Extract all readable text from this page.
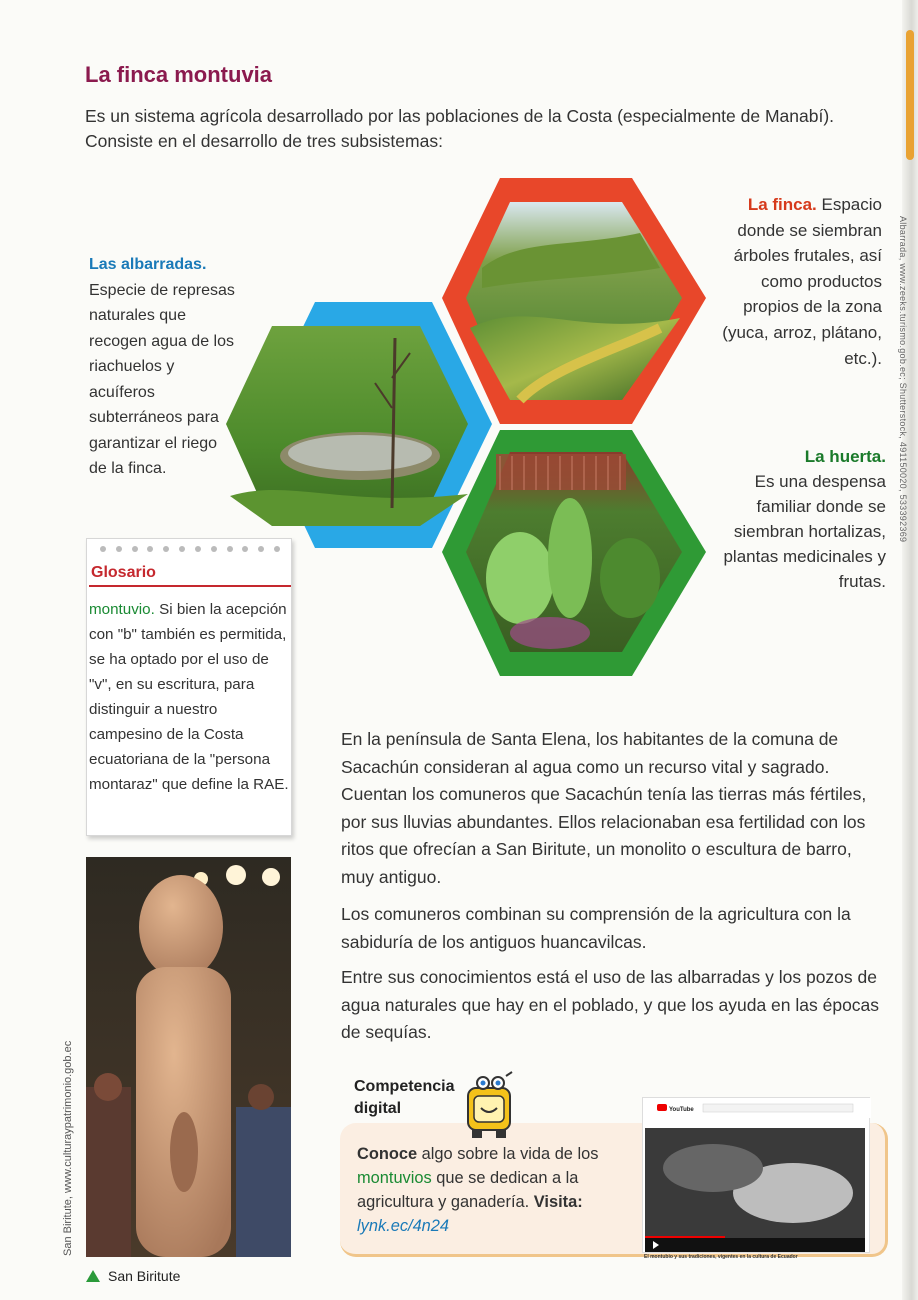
La finca montuvia

Es un sistema agrícola desarrollado por las poblaciones de la Costa (especialmente de Manabí). Consiste en el desarrollo de tres subsistemas:

Las albarradas.
Especie de represas naturales que recogen agua de los riachuelos y acuíferos subterráneos para garantizar el riego de la finca.
La finca. Espacio donde se siembran árboles frutales, así como productos propios de la zona (yuca, arroz, plátano, etc.).
La huerta.
Es una despensa familiar donde se siembran hortalizas, plantas medicinales y frutas.
Glosario
montuvio. Si bien la acepción con "b" también es permitida, se ha optado por el uso de "v", en su escritura, para distinguir a nuestro campesino de la Costa ecuatoriana de la "persona montaraz" que define la RAE.
San Biritute, www.culturaypatrimonio.gob.ec
Albarrada, www.zeeks.turismo.gob.ec; Shutterstock, 491150020, 533392369
San Biritute

En la península de Santa Elena, los habitantes de la comuna de Sacachún consideran al agua como un recurso vital y sagrado. Cuentan los comuneros que Sacachún tenía las tierras más fértiles, por sus lluvias abundantes. Ellos relacionaban esa fertilidad con los ritos que ofrecían a San Biritute, un monolito o escultura de barro, muy antiguo.

Los comuneros combinan su comprensión de la agricultura con la sabiduría de los antiguos huancavilcas.

Entre sus conocimientos está el uso de las albarradas y los pozos de agua naturales que hay en el poblado, y que los ayuda en las épocas de sequías.

Competencia
digital
Conoce algo sobre la vida de los montuvios que se dedican a la agricultura y ganadería. Visita:
lynk.ec/4n24
YouTube
El montubio y sus tradiciones, vigentes en la cultura de Ecuador
